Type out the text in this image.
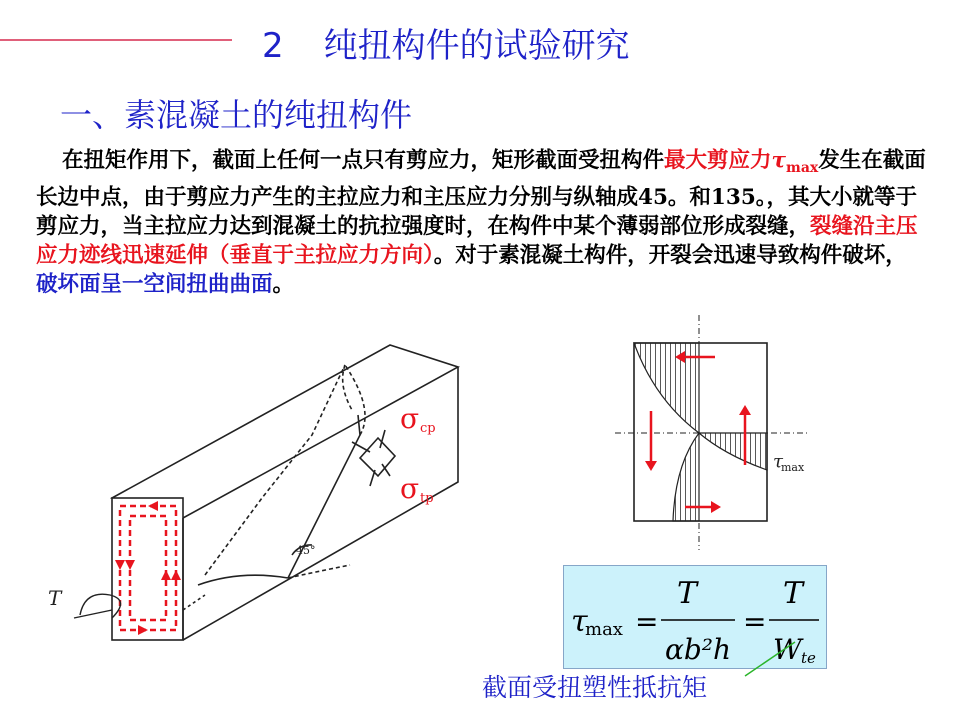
2 纯扭构件的试验研究
一、素混凝土的纯扭构件

在扭矩作用下，截面上任何一点只有剪应力，矩形截面受扭构件最大剪应力$\tau_{max}$发生在截面长边中点，由于剪应力产生的主拉应力和主压应力分别与纵轴成45。和135。，其大小就等于剪应力，当主拉应力达到混凝土的抗拉强度时，在构件中某个薄弱部位形成裂缝，裂缝沿主压应力迹线迅速延伸（垂直于主拉应力方向）。对于素混凝土构件，开裂会迅速导致构件破坏，破坏面呈一空间扭曲曲面。

45°
σ cp
σ tp
T
τ
max
τ
max =
T
αb²h
=
T
W te
截面受扭塑性抵抗矩
